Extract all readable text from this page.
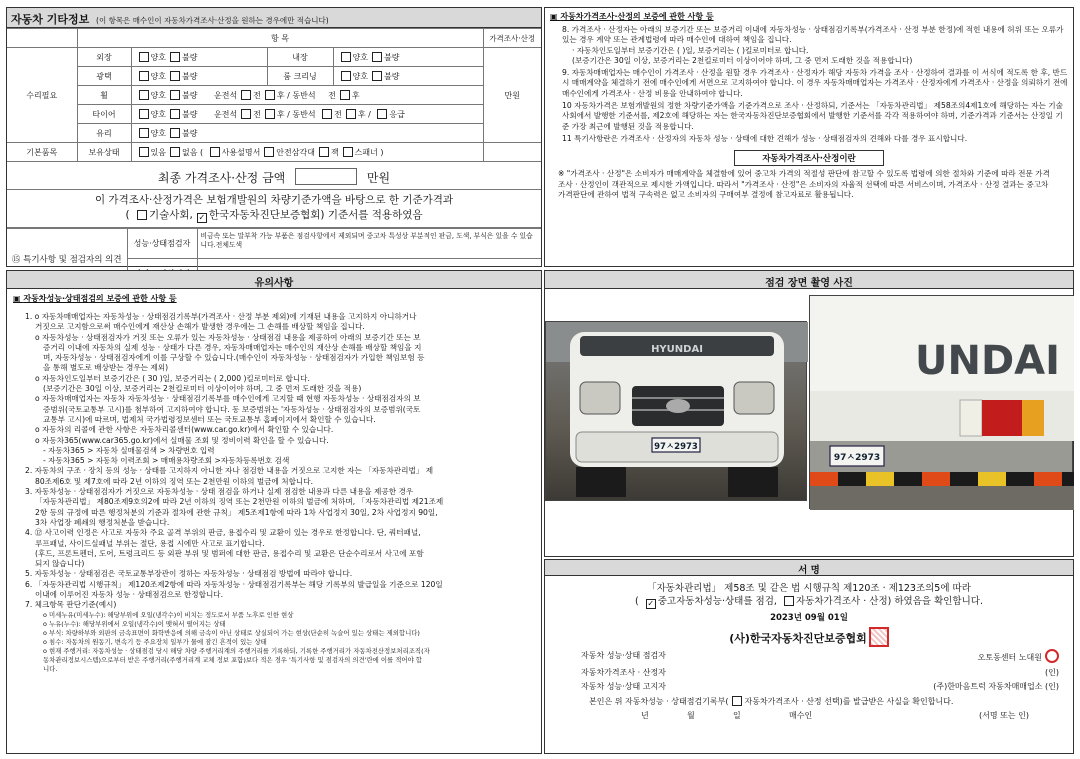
자동차 기타정보 (이 항목은 매수인이 자동차가격조사·산정을 원하는 경우에만 적습니다)
	항 목				가격조사·산정
수리필요	외장	양호 불량	내장	양호 불량	만원
	광택	양호 불량	룸 크리닝	양호 불량	
	휠	양호 불량 운전석 전 후 / 동반석 전 후			
	타이어	양호 불량 운전석 전 후 / 동반석 전 후 / 응급			
	유리	양호 불량			
기본품목	보유상태	있음 없음 ( 사용설명서 안전삼각대 잭 스패너 )			
최종 가격조사·산정 금액	만원
이 가격조사·산정가격은 보험개발원의 차량기준가액을 바탕으로 한 기준가격과
( 기술사회, ✓ 한국자동차진단보증협회) 기준서를 적용하였음
⑮ 특기사항 및 점검자의 의견	성능·상태점검자	비금속 또는 말부착 가능 부품은 점검사항에서 제외되며 중고차 특성상 부분적인 판금, 도색, 부식은 있을 수 있습니다.전체도색

▣ 자동차가격조사·산정의 보증에 관한 사항 등
8. 가격조사 · 산정자는 아래의 보증기간 또는 보증거리 이내에 자동차성능 · 상태점검기록부(가격조사 · 산정 부분 한정)에 적힌 내용에 허위 또는 오류가 있는 경우 계약 또는 관계법령에 따라 매수인에 대하여 책임을 집니다.
· 자동차인도일부터 보증기간은 ( )일, 보증거리는 ( )킬로미터로 합니다.
(보증기간은 30일 이상, 보증거리는 2천킬로미터 이상이어야 하며, 그 중 먼저 도래한 것을 적용합니다)
9. 자동차매매업자는 매수인이 가격조사 · 산정을 원할 경우 가격조사 · 산정자가 해당 자동차 가격을 조사 · 산정하여 결과를 이 서식에 적도록 한 후, 반드시 매매계약을 체결하기 전에 매수인에게 서면으로 고지하여야 합니다. 이 경우 자동차매매업자는 가격조사 · 산정자에게 가격조사 · 산정을 의뢰하기 전에 매수인에게 가격조사 · 산정 비용을 안내하여야 합니다.
10 자동차가격은 보험개발원의 정한 차량기준가액을 기준가격으로 조사 · 산정하되, 기준서는 「자동차관리법」 제58조의4제1호에 해당하는 자는 기술사회에서 발행한 기준서를, 제2호에 해당하는 자는 한국자동차진단보증협회에서 발행한 기준서를 각각 적용하여야 하며, 기준가격과 기준서는 산정일 기준 가장 최근에 발행된 것을 적용합니다.
11 특기사항란은 가격조사 · 산정자의 자동차 성능 · 상태에 대한 견해가 성능 · 상태점검자의 견해와 다를 경우 표시합니다.
자동차가격조사·산정이란
※ "가격조사 · 산정"은 소비자가 매매계약을 체결함에 있어 중고차 가격의 적절성 판단에 참고할 수 있도록 법령에 의한 절차와 기준에 따라 전문 가격조사 · 산정인이 객관적으로 제시한 가액입니다. 따라서 "가격조사 · 산정"은 소비자의 자율적 선택에 따른 서비스이며, 가격조사 · 산정 결과는 중고차 가격판단에 관하여 법적 구속력은 없고 소비자의 구매여부 결정에 참고자료로 활용됩니다.
유의사항
▣ 자동차성능·상태점검의 보증에 관한 사항 등
1. o 자동차매매업자는 자동차성능 · 상태점검기록부(가격조사 · 산정 부분 제외)에 기재된 내용을 고지하지 아니하거나
거짓으로 고지함으로써 매수인에게 재산상 손해가 발생한 경우에는 그 손해를 배상할 책임을 집니다.
o 자동차성능 · 상태점검자가 거짓 또는 오류가 있는 자동차성능 · 상태점검 내용을 제공하여 아래의 보증기간 또는 보
증거리 이내에 자동차의 실제 성능 · 상태가 다른 경우, 자동차매매업자는 매수인의 재산상 손해를 배상할 책임을 지
며, 자동차성능 · 상태점검자에게 이를 구상할 수 있습니다.(매수인이 자동차성능 · 상태점검자가 가입한 책임보험 등
을 통해 별도로 배상받는 경우는 제외)
o 자동차인도일부터 보증기간은 ( 30 )일, 보증거리는 ( 2,000 )킬로미터로 합니다.
(보증기간은 30일 이상, 보증거리는 2천킬로미터 이상이어야 하며, 그 중 먼저 도래한 것을 적용)
o 자동차매매업자는 자동차 자동차성능 · 상태점검기록부를 매수인에게 고지할 때 현행 자동차성능 · 상태점검자의 보
증범위(국토교통부 고시)를 첨부하여 고지하여야 합니다. 동 보증범위는 '자동차성능 · 상태점검자의 보증범위(국토
교통부 고시)에 따르며, 법제처 국가법령정보센터 또는 국토교통부 홈페이지에서 확인할 수 있습니다.
o 자동차의 리콜에 관한 사항은 자동차리콜센터(www.car.go.kr)에서 확인할 수 있습니다.
o 자동차365(www.car365.go.kr)에서 실매물 조회 및 정비이력 확인을 할 수 있습니다.
- 자동차365 > 자동차 실매물검색 > 차량번호 입력
- 자동차365 > 자동차 이력조회 > 매매용차량조회 >자동차등록번호 검색
2. 자동차의 구조 · 장치 등의 성능 · 상태를 고지하지 아니한 자나 점검한 내용을 거짓으로 고지한 자는 「자동차관리법」 제
80조제6호 및 제7호에 따라 2년 이하의 징역 또는 2천만원 이하의 벌금에 처합니다.
3. 자동차성능 · 상태점검자가 거짓으로 자동차성능 · 상태 점검을 하거나 실제 점검한 내용과 다른 내용을 제공한 경우
「자동차관리법」 제80조제9호의2에 따라 2년 이하의 징역 또는 2천만원 이하의 벌금에 처하며, 「자동차관리법 제21조제
2항 등의 규정에 따른 행정처분의 기준과 절차에 관한 규칙」 제5조제1항에 따라 1차 사업정지 30일, 2차 사업정지 90일,
3차 사업장 폐쇄의 행정처분을 받습니다.
4. ⑫ 사고이력 인정은 사고로 자동차 주요 골격 부위의 판금, 용접수리 및 교환이 있는 경우로 한정합니다. 단, 쿼터패널,
루프패널, 사이드실패널 부위는 절단, 용접 시에만 사고로 표기합니다.
(후드, 프론트펜더, 도어, 트렁크리드 등 외판 부위 및 범퍼에 대한 판금, 용접수리 및 교환은 단순수리로서 사고에 포함
되지 않습니다)
5. 자동차성능 · 상태점검은 국토교통부장관이 정하는 자동차성능 · 상태점검 방법에 따라야 합니다.
6. 「자동차관리법 시행규칙」 제120조제2항에 따라 자동차성능 · 상태점검기록부는 해당 기록부의 발급일을 기준으로 120일
이내에 이루어진 자동차 성능 · 상태점검으로 한정합니다.
7. 체크항목 판단기준(예시)
o 미세누유(미세누수): 해당부위에 오일(냉각수)이 비치는 정도로서 부품 노후로 인한 현상
o 누유(누수): 해당부위에서 오일(냉각수)이 맺혀서 떨어지는 상태
o 부식: 차량하부와 외판의 금속표면이 화학반응에 의해 금속이 아닌 상태로 상실되어 가는 현상(단순히 녹슬어 있는 상태는 제외합니다)
o 침수: 자동차의 원동기, 변속기 등 주요장치 일부가 물에 잠긴 흔적이 있는 상태
o 현재 주행거리: 자동차성능 · 상태점검 당시 해당 차량 주행거리계의 주행거리를 기록하되, 기록한 주행거리가 자동차전산정보처리조직(자
동차관리정보시스템)으로부터 받은 주행거리(주행거리계 교체 정보 포함)보다 적은 경우 '특기사항 및 점검자의 의견'란에 이를 적어야 합
니다.
점검 장면 촬영 사진
HYUNDAI
97ㅅ2973
UNDAI
97ㅅ2973
서 명
「자동차관리법」 제58조 및 같은 법 시행규칙 제120조 · 제123조의5에 따라
( ✓ 중고자동차성능·상태를 점검, 자동차가격조사 · 산정) 하였음을 확인합니다.
2023년 09월 01일
(사)한국자동차진단보증협회
자동차 성능·상태 점검자	오토동센터 노대원
자동차가격조사 · 산정자	(인)
자동차 성능·상태 고지자	(주)한마음트럭 자동차매매업소 (인)
본인은 위 자동차성능 · 상태점검기록부( 자동차가격조사 · 산정 선택)를 발급받은 사실을 확인합니다.
년	월	일	매수인	(서명 또는 인)
